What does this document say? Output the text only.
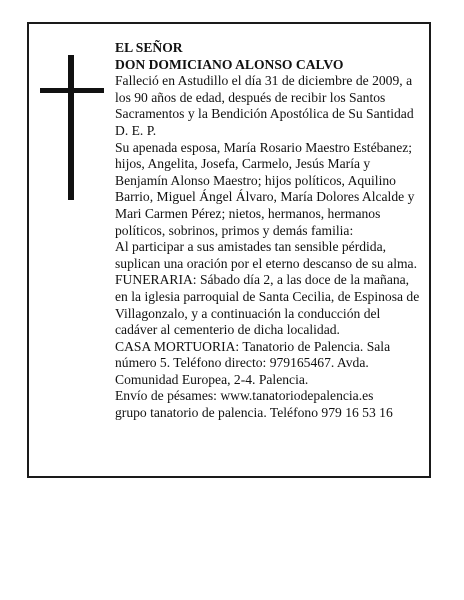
EL SEÑOR
DON DOMICIANO ALONSO CALVO
Falleció en Astudillo el día 31 de diciembre de 2009, a
los 90 años de edad, después de recibir los Santos
Sacramentos y la Bendición Apostólica de Su Santidad
D. E. P.
Su apenada esposa, María Rosario Maestro Estébanez;
hijos, Angelita, Josefa, Carmelo, Jesús María y
Benjamín Alonso Maestro; hijos políticos, Aquilino
Barrio, Miguel Ángel Álvaro, María Dolores Alcalde y
Mari Carmen Pérez; nietos, hermanos, hermanos
políticos, sobrinos, primos y demás familia:
Al participar a sus amistades tan sensible pérdida,
suplican una oración por el eterno descanso de su alma.
FUNERARIA: Sábado día 2, a las doce de la mañana,
en la iglesia parroquial de Santa Cecilia, de Espinosa de
Villagonzalo, y a continuación la conducción del
cadáver al cementerio de dicha localidad.
CASA MORTUORIA: Tanatorio de Palencia. Sala
número 5. Teléfono directo: 979165467. Avda.
Comunidad Europea, 2-4. Palencia.
Envío de pésames: www.tanatoriodepalencia.es
grupo tanatorio de palencia. Teléfono 979 16 53 16
